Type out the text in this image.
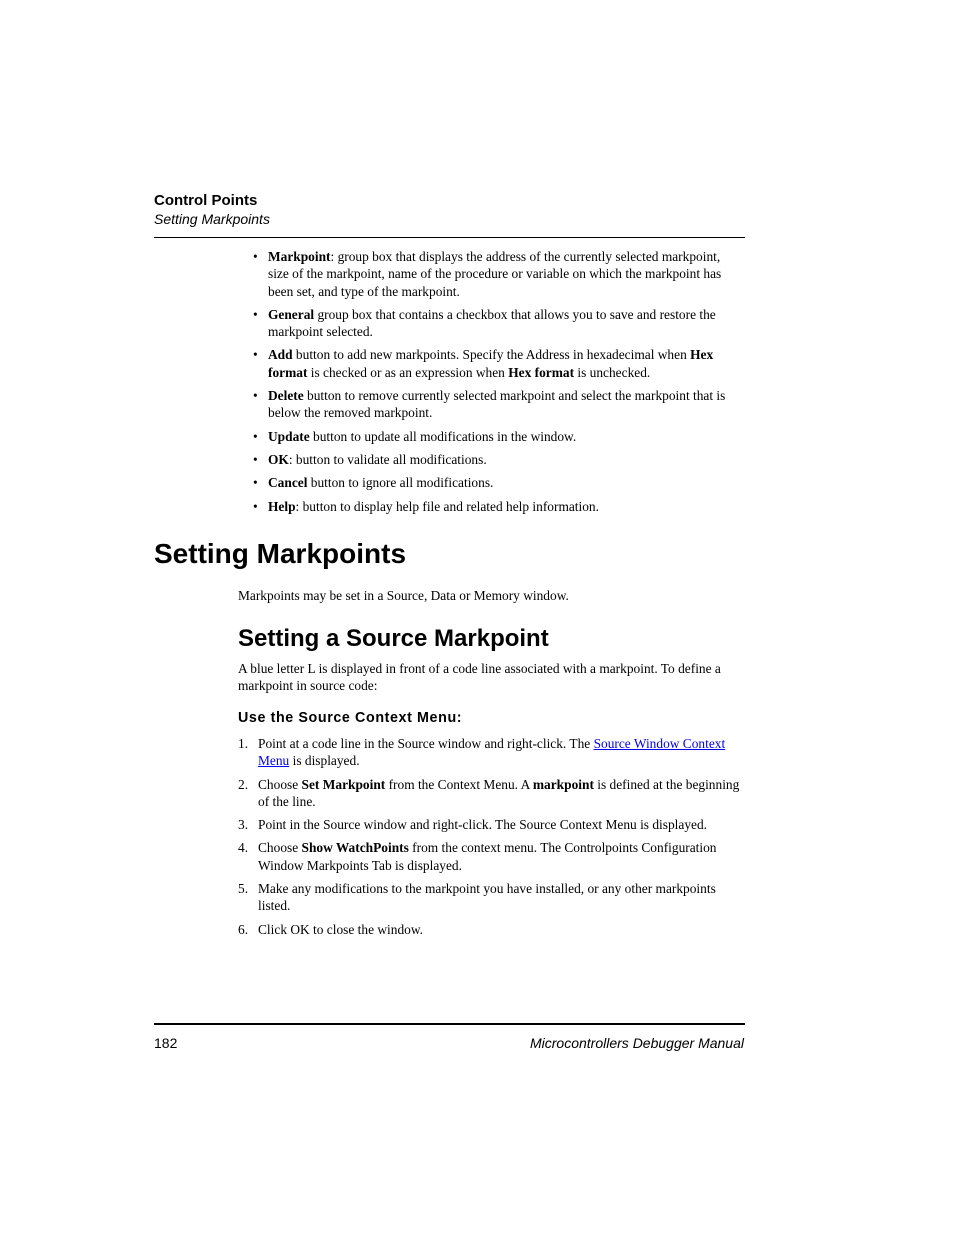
Control Points
Setting Markpoints
• Markpoint: group box that displays the address of the currently selected markpoint, size of the markpoint, name of the procedure or variable on which the markpoint has been set, and type of the markpoint.
• General group box that contains a checkbox that allows you to save and restore the markpoint selected.
• Add button to add new markpoints. Specify the Address in hexadecimal when Hex format is checked or as an expression when Hex format is unchecked.
• Delete button to remove currently selected markpoint and select the markpoint that is below the removed markpoint.
• Update button to update all modifications in the window.
• OK: button to validate all modifications.
• Cancel button to ignore all modifications.
• Help: button to display help file and related help information.
Setting Markpoints

Markpoints may be set in a Source, Data or Memory window.

Setting a Source Markpoint

A blue letter L is displayed in front of a code line associated with a markpoint. To define a markpoint in source code:

Use the Source Context Menu:
1. Point at a code line in the Source window and right-click. The Source Window Context Menu is displayed.
2. Choose Set Markpoint from the Context Menu. A markpoint is defined at the beginning of the line.
3. Point in the Source window and right-click. The Source Context Menu is displayed.
4. Choose Show WatchPoints from the context menu. The Controlpoints Configuration Window Markpoints Tab is displayed.
5. Make any modifications to the markpoint you have installed, or any other markpoints listed.
6. Click OK to close the window.
182	Microcontrollers Debugger Manual
